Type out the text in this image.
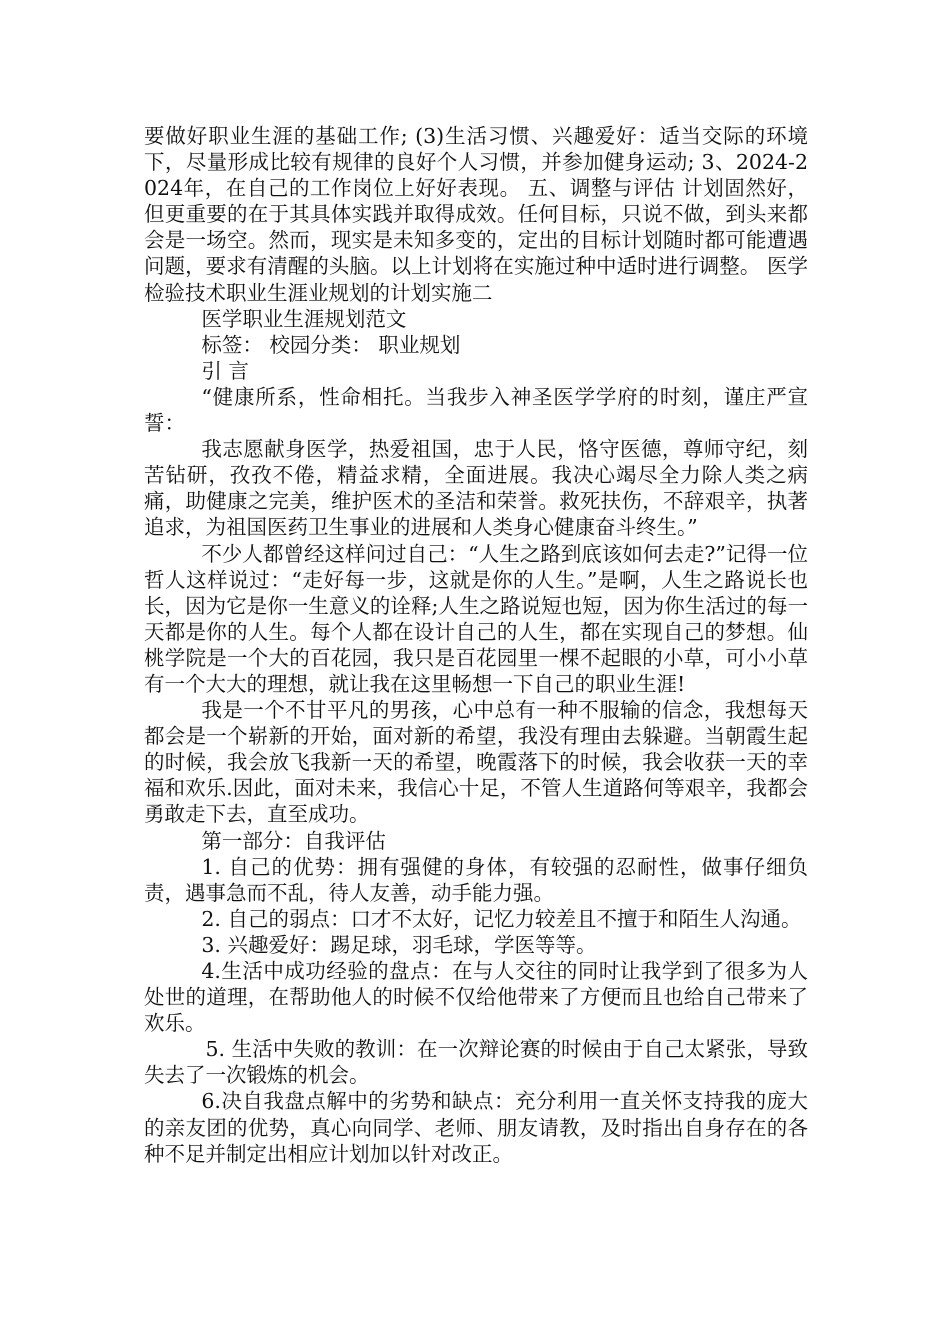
要做好职业生涯的基础工作; (3)生活习惯、兴趣爱好：适当交际的环境下，尽量形成比较有规律的良好个人习惯，并参加健身运动; 3、2024-2024年，在自己的工作岗位上好好表现。 五、调整与评估 计划固然好，但更重要的在于其具体实践并取得成效。任何目标，只说不做，到头来都会是一场空。然而，现实是未知多变的，定出的目标计划随时都可能遭遇问题，要求有清醒的头脑。以上计划将在实施过种中适时进行调整。 医学检验技术职业生涯业规划的计划实施二

医学职业生涯规划范文

标签： 校园分类： 职业规划

引 言

“健康所系，性命相托。当我步入神圣医学学府的时刻，谨庄严宣誓：

我志愿献身医学，热爱祖国，忠于人民，恪守医德，尊师守纪，刻苦钻研，孜孜不倦，精益求精，全面进展。我决心竭尽全力除人类之病痛，助健康之完美，维护医术的圣洁和荣誉。救死扶伤，不辞艰辛，执著追求，为祖国医药卫生事业的进展和人类身心健康奋斗终生。”

不少人都曾经这样问过自己：“人生之路到底该如何去走?”记得一位哲人这样说过：“走好每一步，这就是你的人生。”是啊，人生之路说长也长，因为它是你一生意义的诠释;人生之路说短也短，因为你生活过的每一天都是你的人生。每个人都在设计自己的人生，都在实现自己的梦想。仙桃学院是一个大的百花园，我只是百花园里一棵不起眼的小草，可小小草有一个大大的理想，就让我在这里畅想一下自己的职业生涯!

我是一个不甘平凡的男孩，心中总有一种不服输的信念，我想每天都会是一个崭新的开始，面对新的希望，我没有理由去躲避。当朝霞生起的时候，我会放飞我新一天的希望，晚霞落下的时候，我会收获一天的幸福和欢乐.因此，面对未来，我信心十足，不管人生道路何等艰辛，我都会勇敢走下去，直至成功。

第一部分：自我评估

1. 自己的优势：拥有强健的身体，有较强的忍耐性，做事仔细负责，遇事急而不乱，待人友善，动手能力强。

2. 自己的弱点：口才不太好，记忆力较差且不擅于和陌生人沟通。

3. 兴趣爱好：踢足球，羽毛球，学医等等。

4.生活中成功经验的盘点：在与人交往的同时让我学到了很多为人处世的道理，在帮助他人的时候不仅给他带来了方便而且也给自己带来了欢乐。

5. 生活中失败的教训：在一次辩论赛的时候由于自己太紧张，导致失去了一次锻炼的机会。

6.决自我盘点解中的劣势和缺点：充分利用一直关怀支持我的庞大的亲友团的优势，真心向同学、老师、朋友请教，及时指出自身存在的各种不足并制定出相应计划加以针对改正。
